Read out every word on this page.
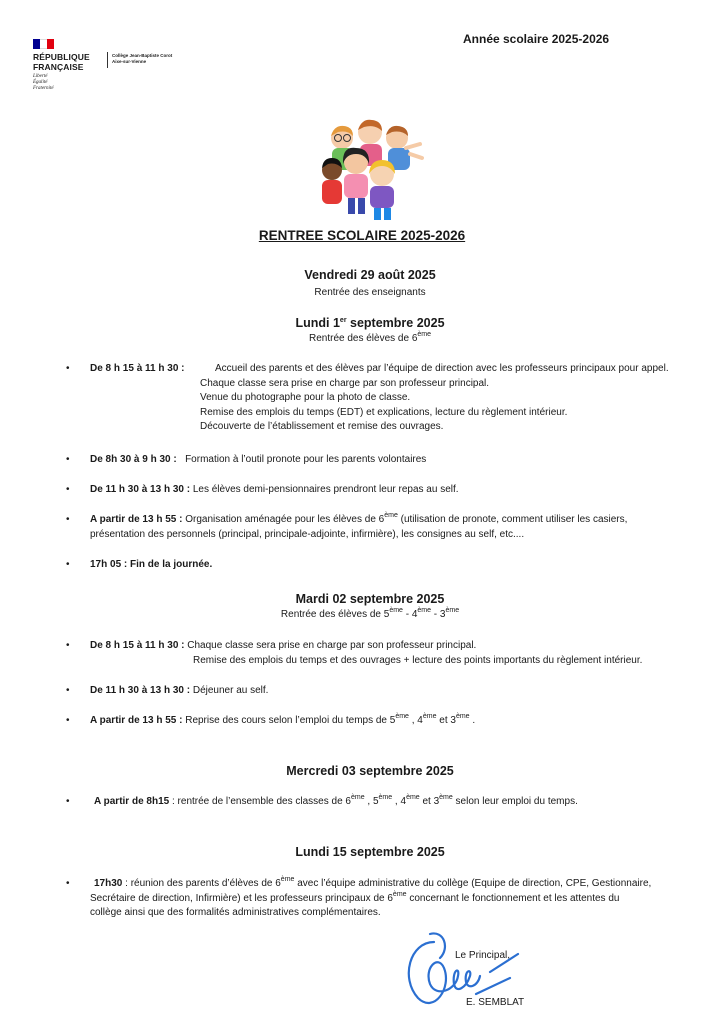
RÉPUBLIQUE
FRANÇAISE
Liberté
Égalité
Fraternité
Collège Jean-Baptiste Corot
Aixe-sur-Vienne
Année scolaire 2025-2026
RENTREE SCOLAIRE 2025-2026
Vendredi 29 août 2025
Rentrée des enseignants
Lundi 1er septembre 2025
Rentrée des élèves de 6ème
• De 8 h 15 à 11 h 30 :	Accueil des parents et des élèves par l’équipe de direction avec les professeurs principaux pour appel.
Chaque classe sera prise en charge par son professeur principal.
Venue du photographe pour la photo de classe.
Remise des emplois du temps (EDT) et explications, lecture du règlement intérieur.
Découverte de l’établissement et remise des ouvrages.
• De 8h 30 à 9 h 30 : Formation à l’outil pronote pour les parents volontaires
• De 11 h 30 à 13 h 30 : Les élèves demi-pensionnaires prendront leur repas au self.
• A partir de 13 h 55 : Organisation aménagée pour les élèves de 6ème (utilisation de pronote, comment utiliser les casiers,
présentation des personnels (principal, principale-adjointe, infirmière), les consignes au self, etc....
• 17h 05 : Fin de la journée.
Mardi 02 septembre 2025
Rentrée des élèves de 5ème - 4ème - 3ème
• De 8 h 15 à 11 h 30 : Chaque classe sera prise en charge par son professeur principal.
Remise des emplois du temps et des ouvrages + lecture des points importants du règlement intérieur.
• De 11 h 30 à 13 h 30 : Déjeuner au self.
• A partir de 13 h 55 : Reprise des cours selon l’emploi du temps de 5ème , 4ème et 3ème .
Mercredi 03 septembre 2025
• A partir de 8h15 : rentrée de l’ensemble des classes de 6ème , 5ème , 4ème et 3ème selon leur emploi du temps.
Lundi 15 septembre 2025
• 17h30 : réunion des parents d’élèves de 6ème avec l’équipe administrative du collège (Equipe de direction, CPE, Gestionnaire,
Secrétaire de direction, Infirmière) et les professeurs principaux de 6ème concernant le fonctionnement et les attentes du
collège ainsi que des formalités administratives complémentaires.
Le Principal,
E. SEMBLAT
